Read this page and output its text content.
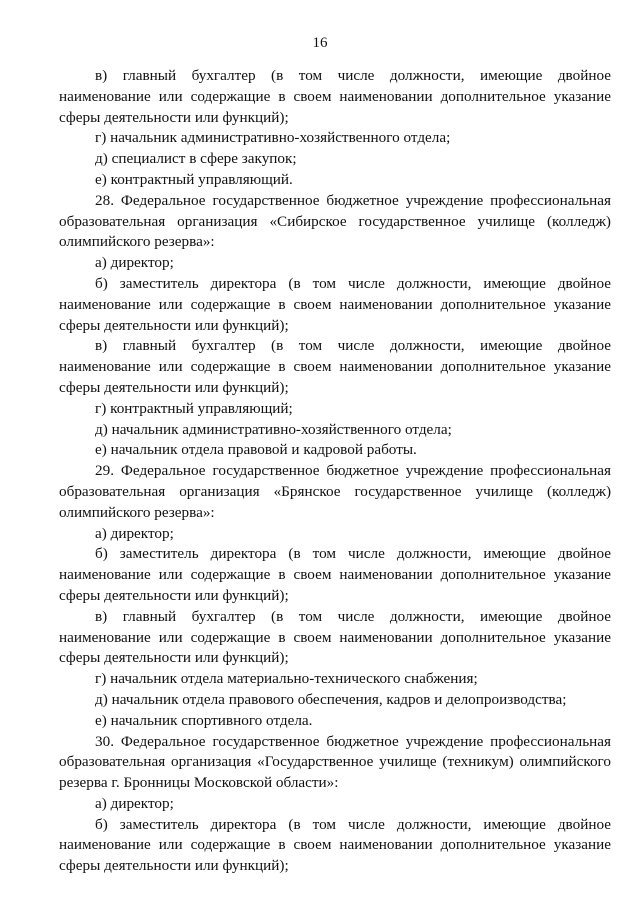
16

в) главный бухгалтер (в том числе должности, имеющие двойное наименование или содержащие в своем наименовании дополнительное указание сферы деятельности или функций);

г) начальник административно-хозяйственного отдела;

д) специалист в сфере закупок;

е) контрактный управляющий.

28. Федеральное государственное бюджетное учреждение профессиональная образовательная организация «Сибирское государственное училище (колледж) олимпийского резерва»:

а) директор;

б) заместитель директора (в том числе должности, имеющие двойное наименование или содержащие в своем наименовании дополнительное указание сферы деятельности или функций);

в) главный бухгалтер (в том числе должности, имеющие двойное наименование или содержащие в своем наименовании дополнительное указание сферы деятельности или функций);

г) контрактный управляющий;

д) начальник административно-хозяйственного отдела;

е) начальник отдела правовой и кадровой работы.

29. Федеральное государственное бюджетное учреждение профессиональная образовательная организация «Брянское государственное училище (колледж) олимпийского резерва»:

а) директор;

б) заместитель директора (в том числе должности, имеющие двойное наименование или содержащие в своем наименовании дополнительное указание сферы деятельности или функций);

в) главный бухгалтер (в том числе должности, имеющие двойное наименование или содержащие в своем наименовании дополнительное указание сферы деятельности или функций);

г) начальник отдела материально-технического снабжения;

д) начальник отдела правового обеспечения, кадров и делопроизводства;

е) начальник спортивного отдела.

30. Федеральное государственное бюджетное учреждение профессиональная образовательная организация «Государственное училище (техникум) олимпийского резерва г. Бронницы Московской области»:

а) директор;

б) заместитель директора (в том числе должности, имеющие двойное наименование или содержащие в своем наименовании дополнительное указание сферы деятельности или функций);
